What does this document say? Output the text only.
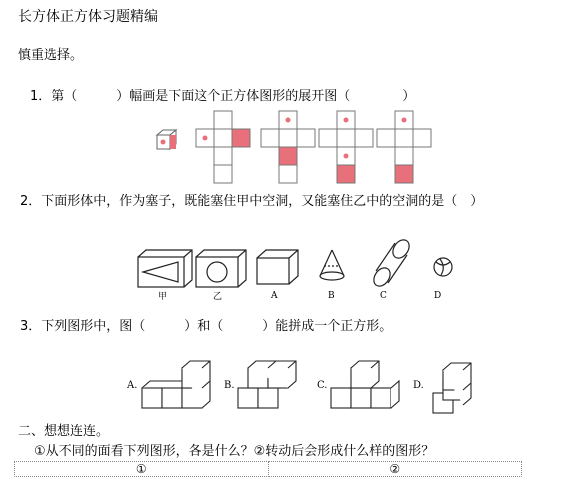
长方体正方体习题精编
慎重选择。
1．第（　　　）幅画是下面这个正方体图形的展开图（　　　　）
2．下面形体中，作为塞子，既能塞住甲中空洞，又能塞住乙中的空洞的是（　）
甲	乙	A	B	C	D
3．下列图形中，图（　　　）和（　　　）能拼成一个正方形。
A.	B.	C.	D.
二、想想连连。
①从不同的面看下列图形，各是什么？②转动后会形成什么样的图形？
①	②
